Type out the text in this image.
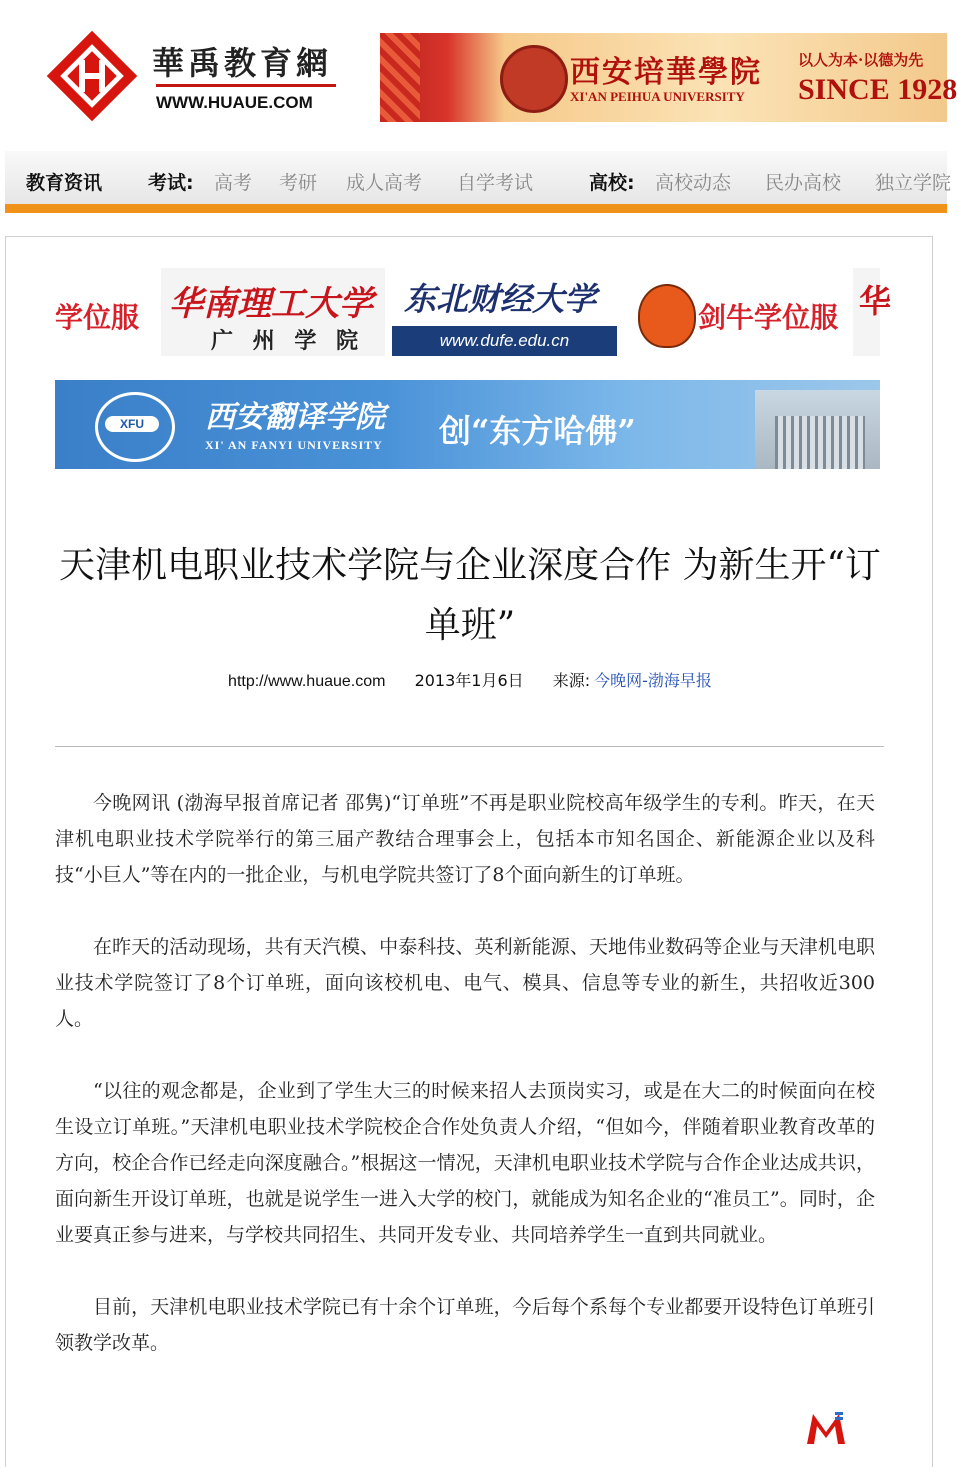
華禹教育網
WWW.HUAUE.COM
西安培華學院
XI'AN PEIHUA UNIVERSITY
以人为本·以德为先
SINCE 1928
教育资讯 考试: 高考 考研 成人高考 自学考试	高校: 高校动态 民办高校 独立学院
学位服 华南理工大学
广 州 学 院
东北财经大学
www.dufe.edu.cn
剑牛学位服 华
XFU	西安翻译学院
XI' AN FANYI UNIVERSITY 创“东方哈佛”
天津机电职业技术学院与企业深度合作 为新生开“订单班”
http://www.huaue.com 2013年1月6日 来源: 今晚网-渤海早报

今晚网讯 (渤海早报首席记者 邵隽)“订单班”不再是职业院校高年级学生的专利。昨天，在天津机电职业技术学院举行的第三届产教结合理事会上，包括本市知名国企、新能源企业以及科技“小巨人”等在内的一批企业，与机电学院共签订了8个面向新生的订单班。

在昨天的活动现场，共有天汽模、中泰科技、英利新能源、天地伟业数码等企业与天津机电职业技术学院签订了8个订单班，面向该校机电、电气、模具、信息等专业的新生，共招收近300人。

“以往的观念都是，企业到了学生大三的时候来招人去顶岗实习，或是在大二的时候面向在校生设立订单班。”天津机电职业技术学院校企合作处负责人介绍，“但如今，伴随着职业教育改革的方向，校企合作已经走向深度融合。”根据这一情况，天津机电职业技术学院与合作企业达成共识，面向新生开设订单班，也就是说学生一进入大学的校门，就能成为知名企业的“准员工”。同时，企业要真正参与进来，与学校共同招生、共同开发专业、共同培养学生一直到共同就业。

目前，天津机电职业技术学院已有十余个订单班，今后每个系每个专业都要开设特色订单班引领教学改革。
